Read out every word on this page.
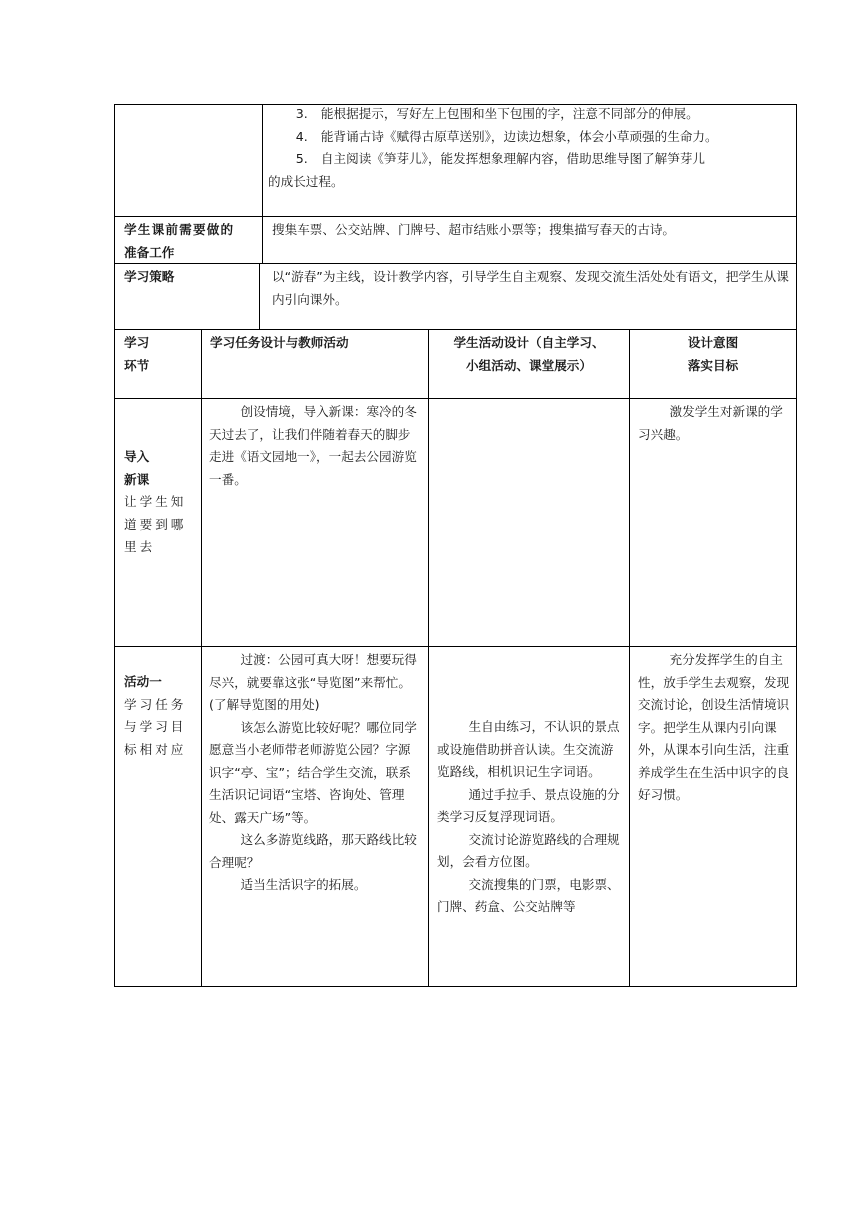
3. 能根据提示，写好左上包围和坐下包围的字，注意不同部分的伸展。
4. 能背诵古诗《赋得古原草送别》，边读边想象，体会小草顽强的生命力。
5. 自主阅读《笋芽儿》，能发挥想象理解内容，借助思维导图了解笋芽儿
的成长过程。
学生课前需要做的
准备工作
搜集车票、公交站牌、门牌号、超市结账小票等；搜集描写春天的古诗。
学习策略	以“游春”为主线，设计教学内容，引导学生自主观察、发现交流生活处处有语文，把学生从课内引向课外。
学习
环节
学习任务设计与教师活动	学生活动设计（自主学习、
小组活动、课堂展示）
设计意图
落实目标
导入
新课
让学生知道要到哪里去

创设情境，导入新课：寒冷的冬天过去了，让我们伴随着春天的脚步走进《语文园地一》，一起去公园游览一番。

激发学生对新课的学习兴趣。

活动一
学习任务与学习目标相对应

过渡：公园可真大呀！想要玩得尽兴，就要靠这张“导览图”来帮忙。(了解导览图的用处)

该怎么游览比较好呢？哪位同学愿意当小老师带老师游览公园？字源识字“亭、宝”；结合学生交流，联系生活识记词语“宝塔、咨询处、管理处、露天广场”等。

这么多游览线路，那天路线比较合理呢？

适当生活识字的拓展。

生自由练习，不认识的景点或设施借助拼音认读。生交流游览路线，相机识记生字词语。

通过手拉手、景点设施的分类学习反复浮现词语。

交流讨论游览路线的合理规划，会看方位图。

交流搜集的门票，电影票、门牌、药盒、公交站牌等

充分发挥学生的自主性，放手学生去观察，发现交流讨论，创设生活情境识字。把学生从课内引向课外，从课本引向生活，注重养成学生在生活中识字的良好习惯。
